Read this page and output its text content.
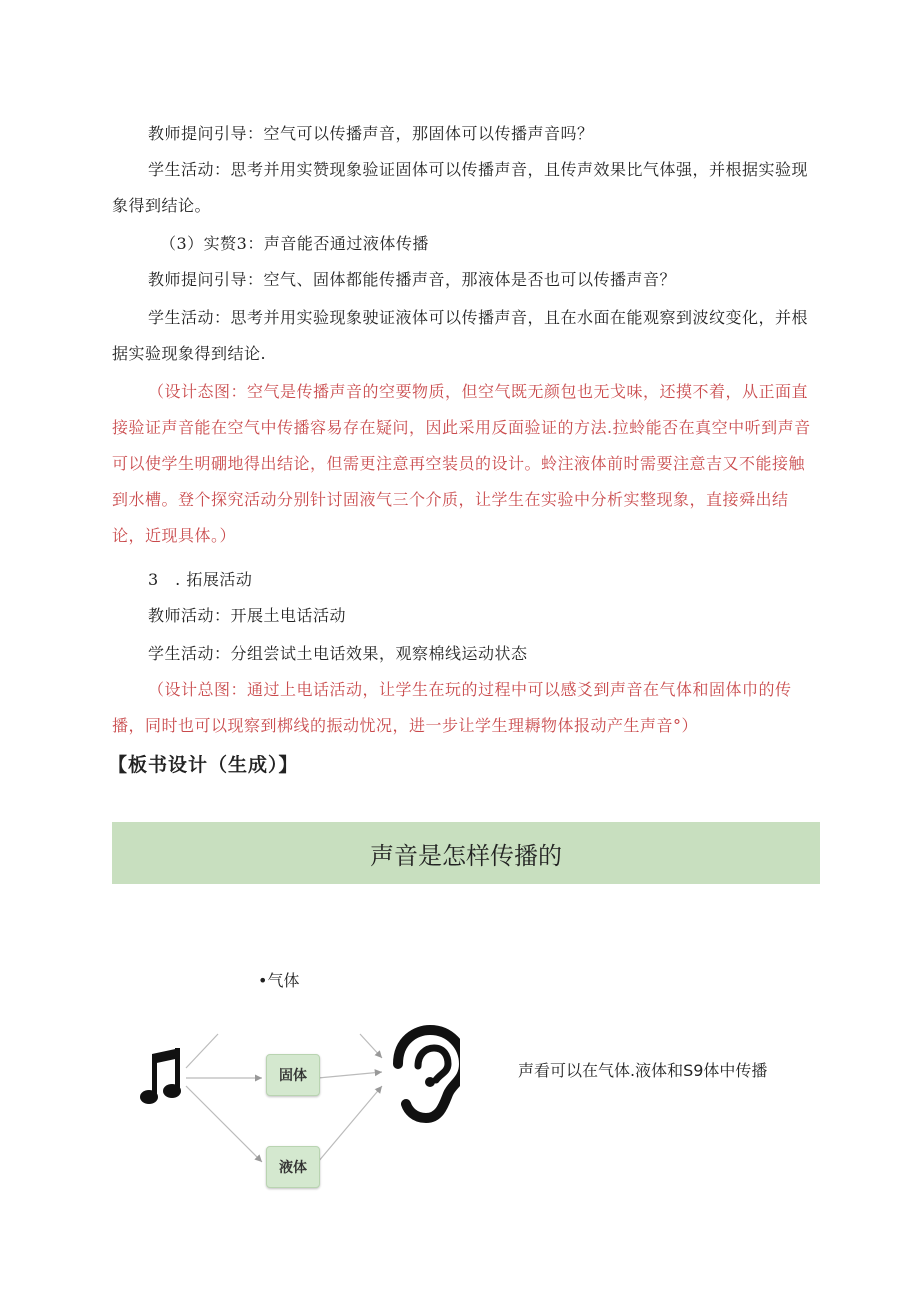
教师提问引导：空气可以传播声音，那固体可以传播声音吗？
学生活动：思考并用实赞现象验证固体可以传播声音，且传声效果比气体强，并根据实验现象得到结论。
（3）实赘3：声音能否通过液体传播
教师提问引导：空气、固体都能传播声音，那液体是否也可以传播声音？
学生活动：思考并用实验现象驶证液体可以传播声音，且在水面在能观察到波纹变化，并根据实验现象得到结论.
（设计态图：空气是传播声音的空要物质，但空气既无颜包也无戈味，还摸不着，从正面直接验证声音能在空气中传播容易存在疑问，因此采用反面验证的方法.拉蛉能否在真空中听到声音可以使学生明硼地得出结论，但需更注意再空装员的设计。蛉注液体前时需要注意吉又不能接触到水槽。登个探究活动分别针讨固液气三个介质，让学生在实验中分析实整现象，直接舜出结论，近现具体。）
3　. 拓展活动
教师活动：开展土电话活动
学生活动：分组尝试土电话效果，观察棉线运动状态
（设计总图：通过上电话活动，让学生在玩的过程中可以感爻到声音在气体和固体巾的传播，同时也可以现察到梆线的振动忧况，进一步让学生理耨物体报动产生声音°）
【板书设计（生成）】
声音是怎样传播的
•气体
固体
液体
声看可以在气体.液体和S9体中传播
